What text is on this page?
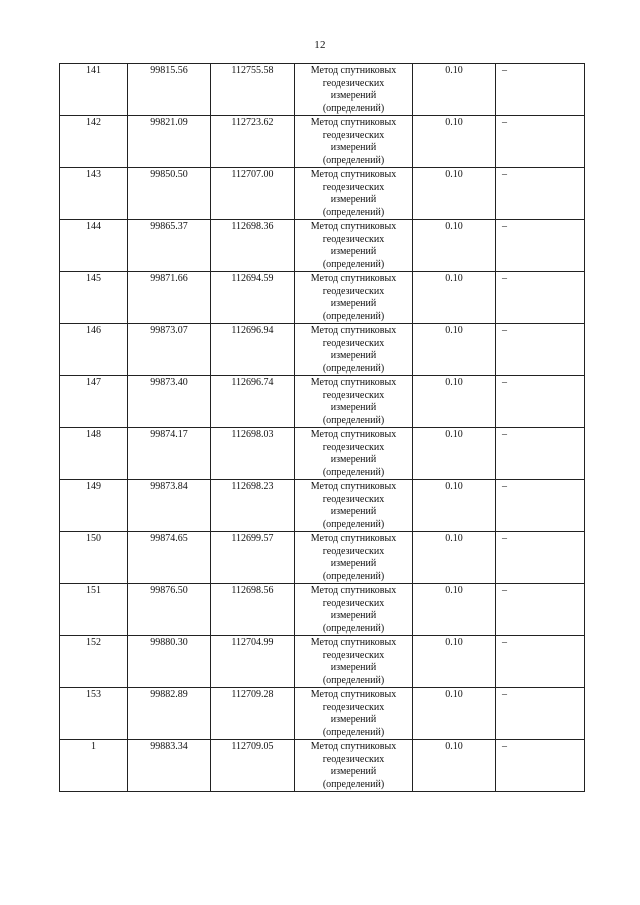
12
141	99815.56	112755.58	Метод спутниковых
геодезических
измерений
(определений)	0.10	–
142	99821.09	112723.62	Метод спутниковых
геодезических
измерений
(определений)	0.10	–
143	99850.50	112707.00	Метод спутниковых
геодезических
измерений
(определений)	0.10	–
144	99865.37	112698.36	Метод спутниковых
геодезических
измерений
(определений)	0.10	–
145	99871.66	112694.59	Метод спутниковых
геодезических
измерений
(определений)	0.10	–
146	99873.07	112696.94	Метод спутниковых
геодезических
измерений
(определений)	0.10	–
147	99873.40	112696.74	Метод спутниковых
геодезических
измерений
(определений)	0.10	–
148	99874.17	112698.03	Метод спутниковых
геодезических
измерений
(определений)	0.10	–
149	99873.84	112698.23	Метод спутниковых
геодезических
измерений
(определений)	0.10	–
150	99874.65	112699.57	Метод спутниковых
геодезических
измерений
(определений)	0.10	–
151	99876.50	112698.56	Метод спутниковых
геодезических
измерений
(определений)	0.10	–
152	99880.30	112704.99	Метод спутниковых
геодезических
измерений
(определений)	0.10	–
153	99882.89	112709.28	Метод спутниковых
геодезических
измерений
(определений)	0.10	–
1	99883.34	112709.05	Метод спутниковых
геодезических
измерений
(определений)	0.10	–
